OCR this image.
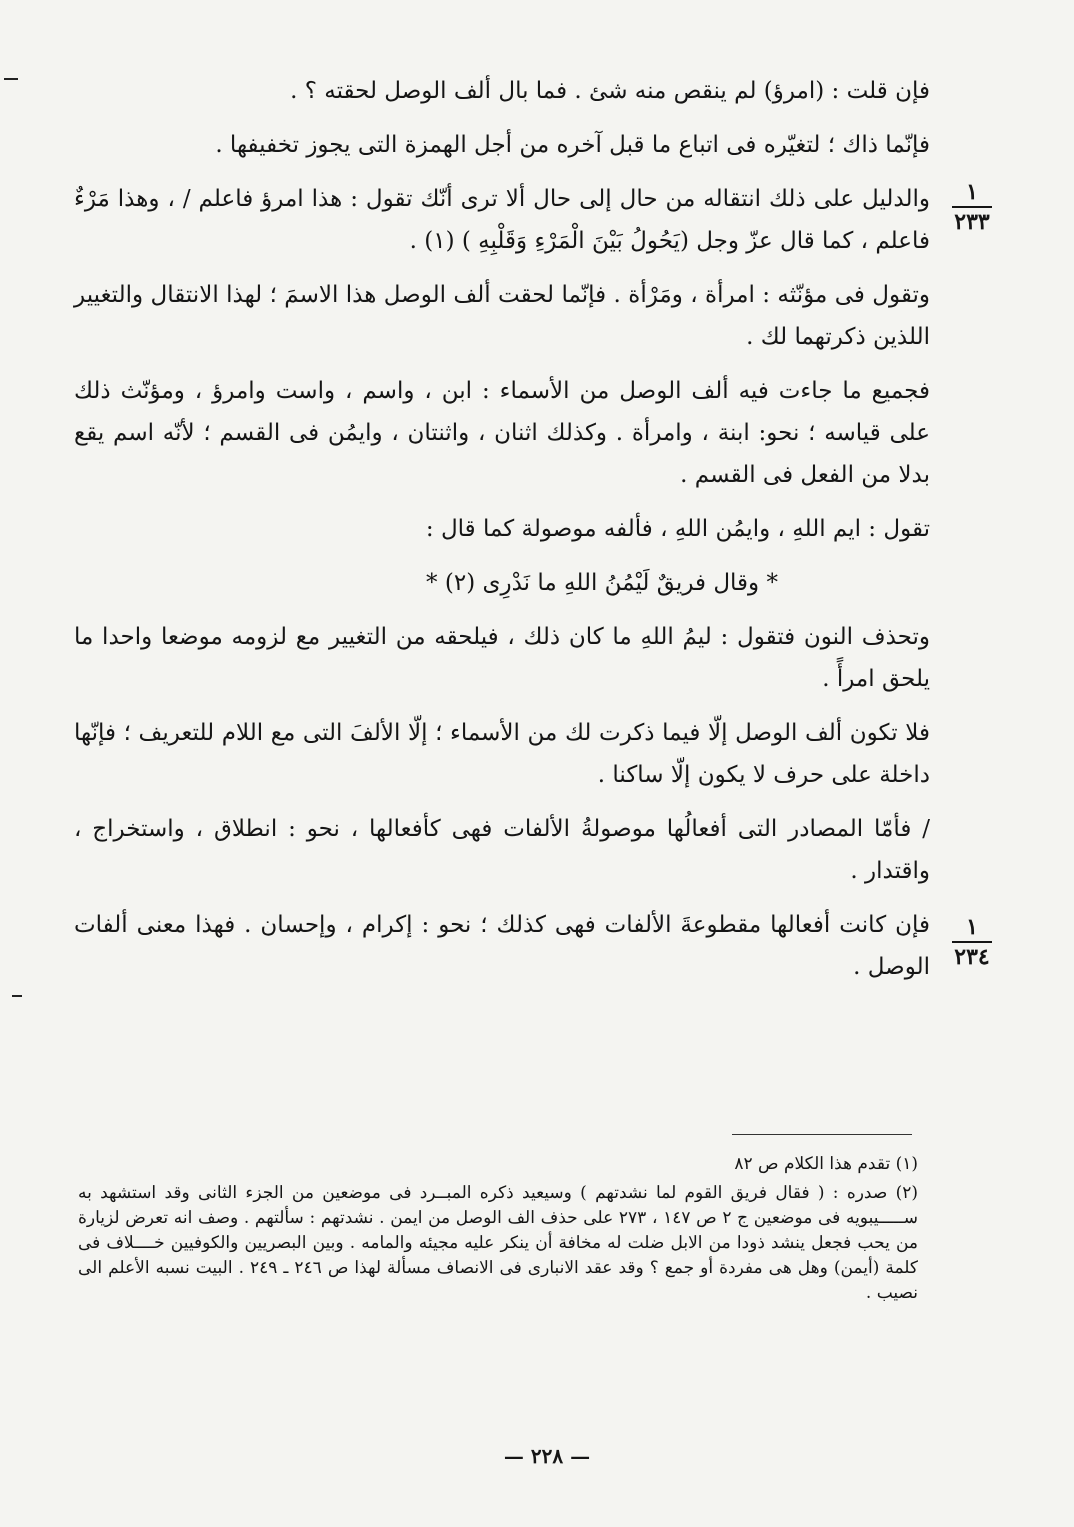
فإن قلت : (امرؤ) لم ينقص منه شئ . فما بال ألف الوصل لحقته ؟ .

فإنّما ذاك ؛ لتغيّره فى اتباع ما قبل آخره من أجل الهمزة التى يجوز تخفيفها .

والدليل على ذلك انتقاله من حال إلى حال ألا ترى أنّك تقول : هذا امرؤ فاعلم / ، وهذا مَرْءٌ فاعلم ، كما قال عزّ وجل (يَحُولُ بَيْنَ الْمَرْءِ وَقَلْبِهِ ) (١) .

وتقول فى مؤنّثه : امرأة ، ومَرْأة . فإنّما لحقت ألف الوصل هذا الاسمَ ؛ لهذا الانتقال والتغيير اللذين ذكرتهما لك .

فجميع ما جاءت فيه ألف الوصل من الأسماء : ابن ، واسم ، واست وامرؤ ، ومؤنّث ذلك على قياسه ؛ نحو: ابنة ، وامرأة . وكذلك اثنان ، واثنتان ، وايمُن فى القسم ؛ لأنّه اسم يقع بدلا من الفعل فى القسم .

تقول : ايم اللهِ ، وايمُن اللهِ ، فألفه موصولة كما قال :

* وقال فريقٌ لَيْمُنُ اللهِ ما نَدْرِى (٢) *

وتحذف النون فتقول : ليمُ اللهِ ما كان ذلك ، فيلحقه من التغيير مع لزومه موضعا واحدا ما يلحق امرأً .

فلا تكون ألف الوصل إلّا فيما ذكرت لك من الأسماء ؛ إلّا الألفَ التى مع اللام للتعريف ؛ فإنّها داخلة على حرف لا يكون إلّا ساكنا .

/ فأمّا المصادر التى أفعالُها موصولةُ الألفات فهى كأفعالها ، نحو : انطلاق ، واستخراج ، واقتدار .

فإن كانت أفعالها مقطوعةَ الألفات فهى كذلك ؛ نحو : إكرام ، وإحسان . فهذا معنى ألفات الوصل .

١
٢٣٣
١
٢٣٤

(١) تقدم هذا الكلام ص ٨٢

(٢) صدره : ( فقال فريق القوم لما نشدتهم ) وسيعيد ذكره المبــرد فى موضعين من الجزء الثانى وقد استشهد به ســـــيبويه فى موضعين ج ٢ ص ١٤٧ ، ٢٧٣ على حذف الف الوصل من ايمن . نشدتهم : سألتهم . وصف انه تعرض لزيارة من يحب فجعل ينشد ذودا من الابل ضلت له مخافة أن ينكر عليه مجيئه والمامه . وبين البصريين والكوفيين خــــلاف فى كلمة (أيمن) وهل هى مفردة أو جمع ؟ وقد عقد الانبارى فى الانصاف مسألة لهذا ص ٢٤٦ ـ ٢٤٩ . البيت نسبه الأعلم الى نصيب .

— ٢٢٨ —
